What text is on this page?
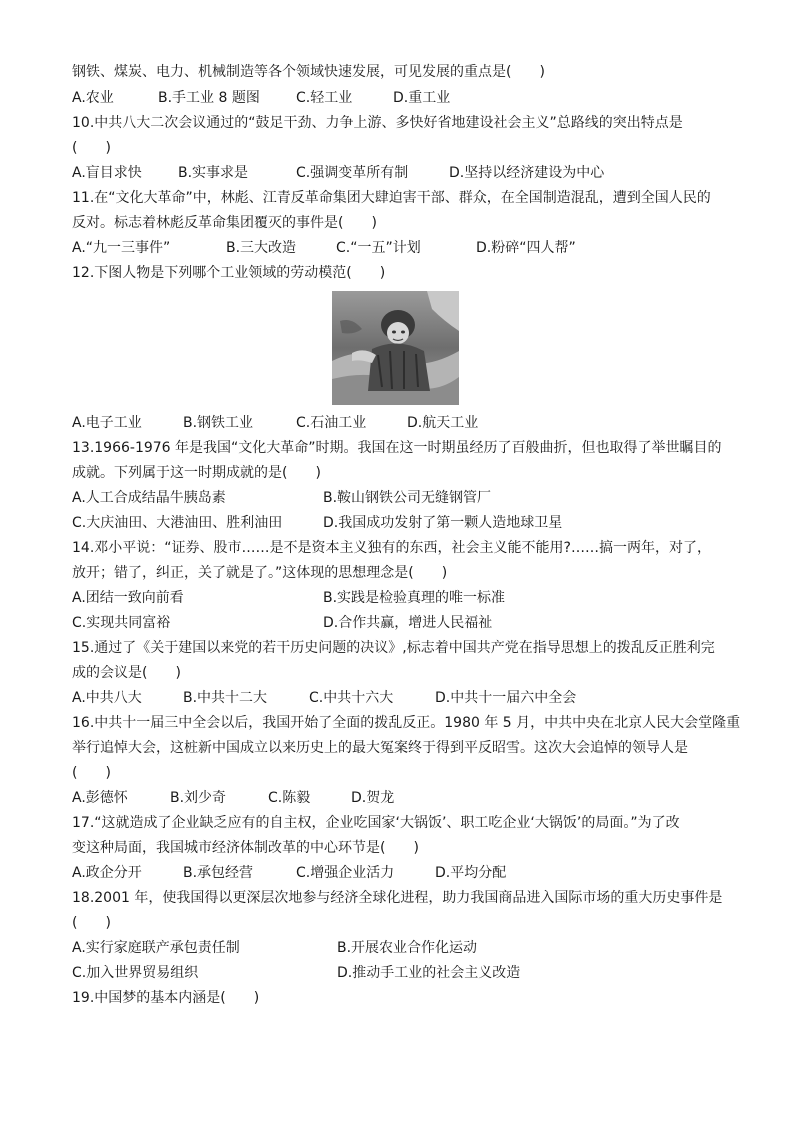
钢铁、煤炭、电力、机械制造等各个领域快速发展，可见发展的重点是(　　)
A.农业	B.手工业 8 题图	C.轻工业	D.重工业
10.中共八大二次会议通过的“鼓足干劲、力争上游、多快好省地建设社会主义”总路线的突出特点是
(　　)
A.盲目求快	B.实事求是	C.强调变革所有制	D.坚持以经济建设为中心
11.在“文化大革命”中，林彪、江青反革命集团大肆迫害干部、群众，在全国制造混乱，遭到全国人民的
反对。标志着林彪反革命集团覆灭的事件是(　　)
A.“九一三事件”	B.三大改造	C.“一五”计划	D.粉碎“四人帮”
12.下图人物是下列哪个工业领域的劳动模范(　　)
A.电子工业	B.钢铁工业	C.石油工业	D.航天工业
13.1966-1976 年是我国“文化大革命”时期。我国在这一时期虽经历了百般曲折，但也取得了举世瞩目的
成就。下列属于这一时期成就的是(　　)
A.人工合成结晶牛胰岛素	B.鞍山钢铁公司无缝钢管厂
C.大庆油田、大港油田、胜利油田	D.我国成功发射了第一颗人造地球卫星
14.邓小平说：“证券、股市……是不是资本主义独有的东西，社会主义能不能用?……搞一两年，对了，
放开；错了，纠正，关了就是了。”这体现的思想理念是(　　)
A.团结一致向前看	B.实践是检验真理的唯一标准
C.实现共同富裕	D.合作共赢，增进人民福祉
15.通过了《关于建国以来党的若干历史问题的决议》,标志着中国共产党在指导思想上的拨乱反正胜利完
成的会议是(　　)
A.中共八大	B.中共十二大	C.中共十六大	D.中共十一届六中全会
16.中共十一届三中全会以后，我国开始了全面的拨乱反正。1980 年 5 月，中共中央在北京人民大会堂隆重
举行追悼大会，这桩新中国成立以来历史上的最大冤案终于得到平反昭雪。这次大会追悼的领导人是
(　　)
A.彭德怀	B.刘少奇	C.陈毅	D.贺龙
17.“这就造成了企业缺乏应有的自主权，企业吃国家‘大锅饭’、职工吃企业‘大锅饭’的局面。”为了改
变这种局面，我国城市经济体制改革的中心环节是(　　)
A.政企分开	B.承包经营	C.增强企业活力	D.平均分配
18.2001 年，使我国得以更深层次地参与经济全球化进程，助力我国商品进入国际市场的重大历史事件是
(　　)
A.实行家庭联产承包责任制	B.开展农业合作化运动
C.加入世界贸易组织	D.推动手工业的社会主义改造
19.中国梦的基本内涵是(　　)
